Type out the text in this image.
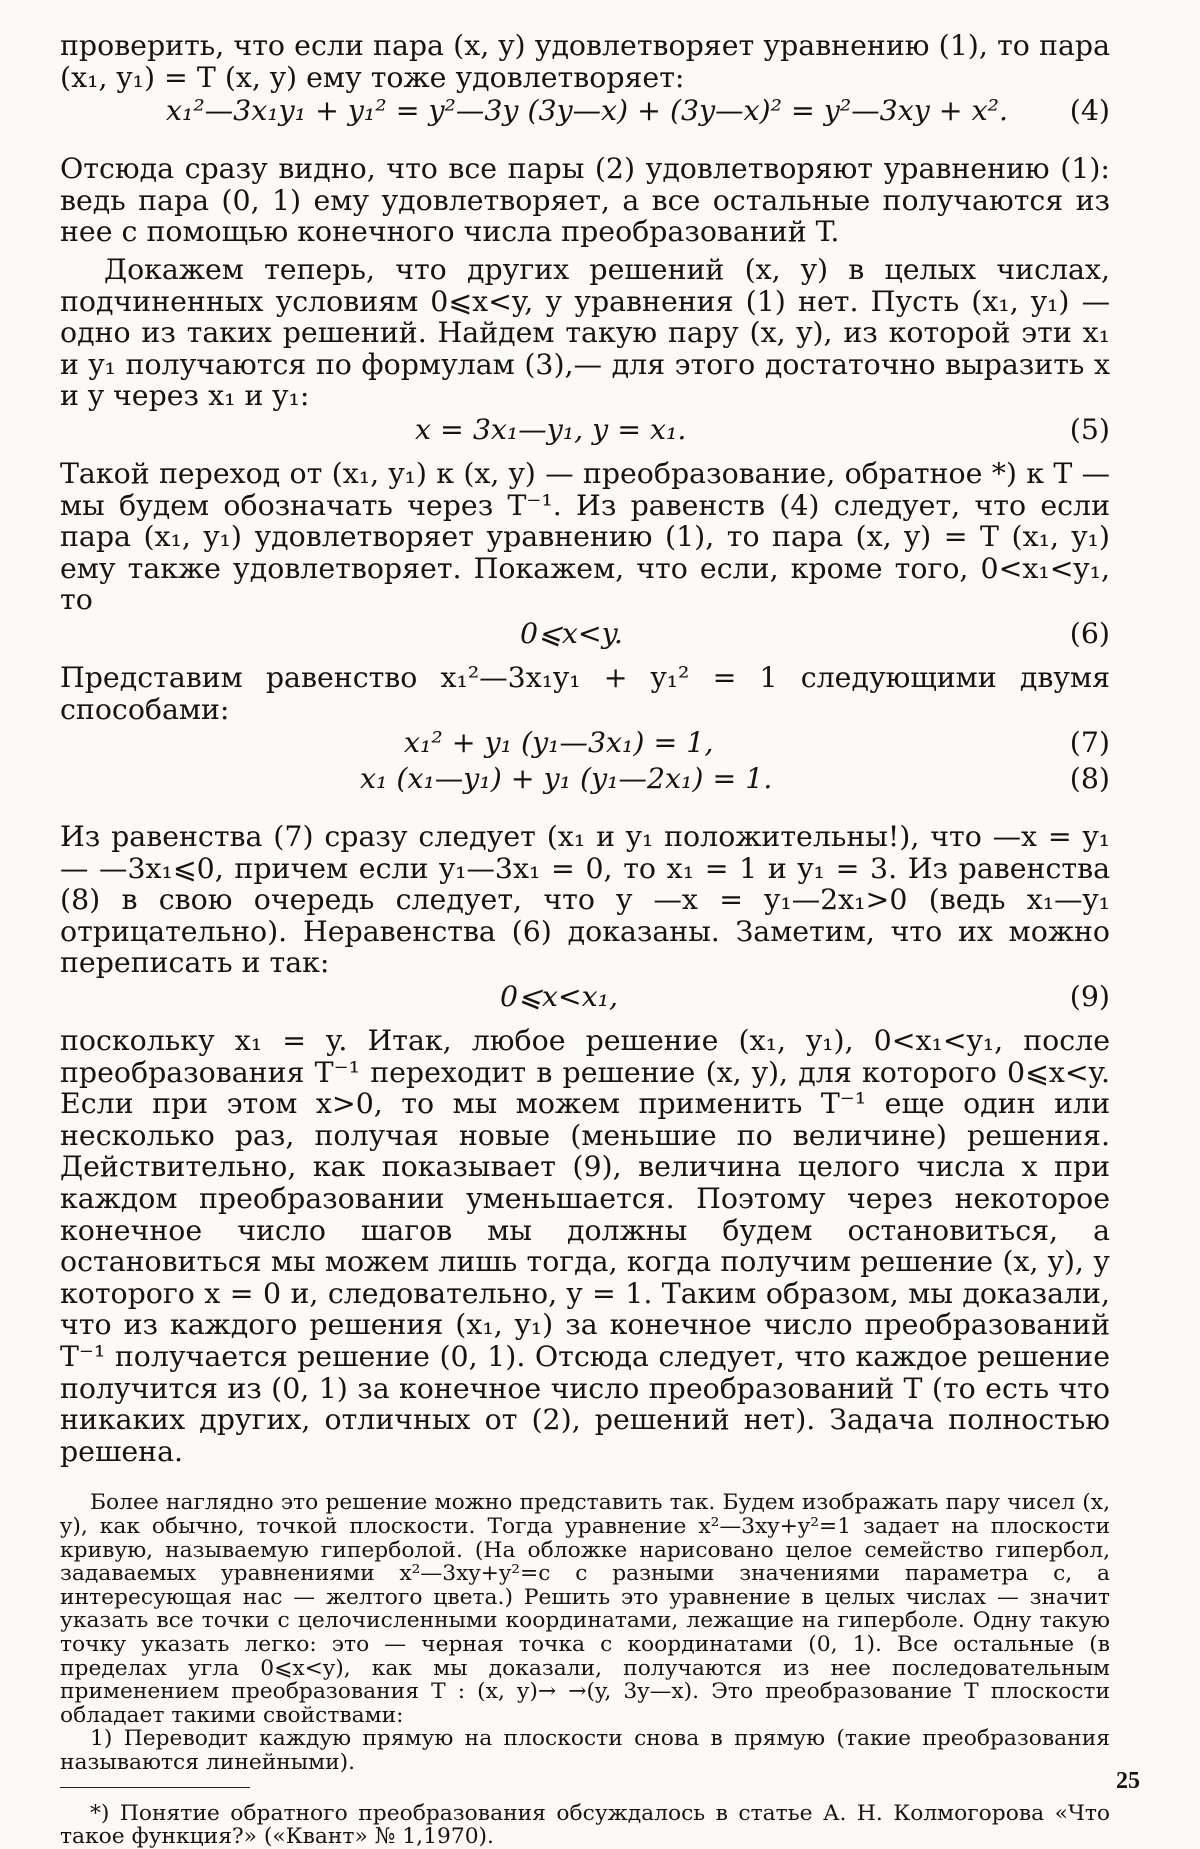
проверить, что если пара (x, y) удовлетворяет уравнению (1), то пара (x₁, y₁) = T (x, y) ему тоже удовлетворяет:

x₁²—3x₁y₁ + y₁² = y²—3y (3y—x) + (3y—x)² = y²—3xy + x². (4)

Отсюда сразу видно, что все пары (2) удовлетворяют уравнению (1): ведь пара (0, 1) ему удовлетворяет, а все остальные получаются из нее с помощью конечного числа преобразований T.

Докажем теперь, что других решений (x, y) в целых числах, подчиненных условиям 0⩽x<y, у уравнения (1) нет. Пусть (x₁, y₁) — одно из таких решений. Найдем такую пару (x, y), из которой эти x₁ и y₁ получаются по формулам (3),— для этого достаточно выразить x и y через x₁ и y₁:

x = 3x₁—y₁, y = x₁.	(5)

Такой переход от (x₁, y₁) к (x, y) — преобразование, обратное *) к T — мы будем обозначать через T⁻¹. Из равенств (4) следует, что если пара (x₁, y₁) удовлетворяет уравнению (1), то пара (x, y) = T (x₁, y₁) ему также удовлетворяет. Покажем, что если, кроме того, 0<x₁<y₁, то

0⩽x<y.	(6)

Представим равенство x₁²—3x₁y₁ + y₁² = 1 следующими двумя способами:

x₁² + y₁ (y₁—3x₁) = 1,	(7)
x₁ (x₁—y₁) + y₁ (y₁—2x₁) = 1.	(8)

Из равенства (7) сразу следует (x₁ и y₁ положительны!), что —x = y₁— —3x₁⩽0, причем если y₁—3x₁ = 0, то x₁ = 1 и y₁ = 3. Из равенства (8) в свою очередь следует, что y —x = y₁—2x₁>0 (ведь x₁—y₁ отрицательно). Неравенства (6) доказаны. Заметим, что их можно переписать и так:

0⩽x<x₁,	(9)

поскольку x₁ = y. Итак, любое решение (x₁, y₁), 0<x₁<y₁, после преобразования T⁻¹ переходит в решение (x, y), для которого 0⩽x<y. Если при этом x>0, то мы можем применить T⁻¹ еще один или несколько раз, получая новые (меньшие по величине) решения. Действительно, как показывает (9), величина целого числа x при каждом преобразовании уменьшается. Поэтому через некоторое конечное число шагов мы должны будем остановиться, а остановиться мы можем лишь тогда, когда получим решение (x, y), у которого x = 0 и, следовательно, y = 1. Таким образом, мы доказали, что из каждого решения (x₁, y₁) за конечное число преобразований T⁻¹ получается решение (0, 1). Отсюда следует, что каждое решение получится из (0, 1) за конечное число преобразований T (то есть что никаких других, отличных от (2), решений нет). Задача полностью решена.

Более наглядно это решение можно представить так. Будем изображать пару чисел (x, y), как обычно, точкой плоскости. Тогда уравнение x²—3xy+y²=1 задает на плоскости кривую, называемую гиперболой. (На обложке нарисовано целое семейство гипербол, задаваемых уравнениями x²—3xy+y²=c с разными значениями параметра c, а интересующая нас — желтого цвета.) Решить это уравнение в целых числах — значит указать все точки с целочисленными координатами, лежащие на гиперболе. Одну такую точку указать легко: это — черная точка с координатами (0, 1). Все остальные (в пределах угла 0⩽x<y), как мы доказали, получаются из нее последовательным применением преобразования T : (x, y)→ →(y, 3y—x). Это преобразование T плоскости обладает такими свойствами:

1) Переводит каждую прямую на плоскости снова в прямую (такие преобразования называются линейными).

*) Понятие обратного преобразования обсуждалось в статье А. Н. Колмогорова «Что такое функция?» («Квант» № 1,1970).

25
